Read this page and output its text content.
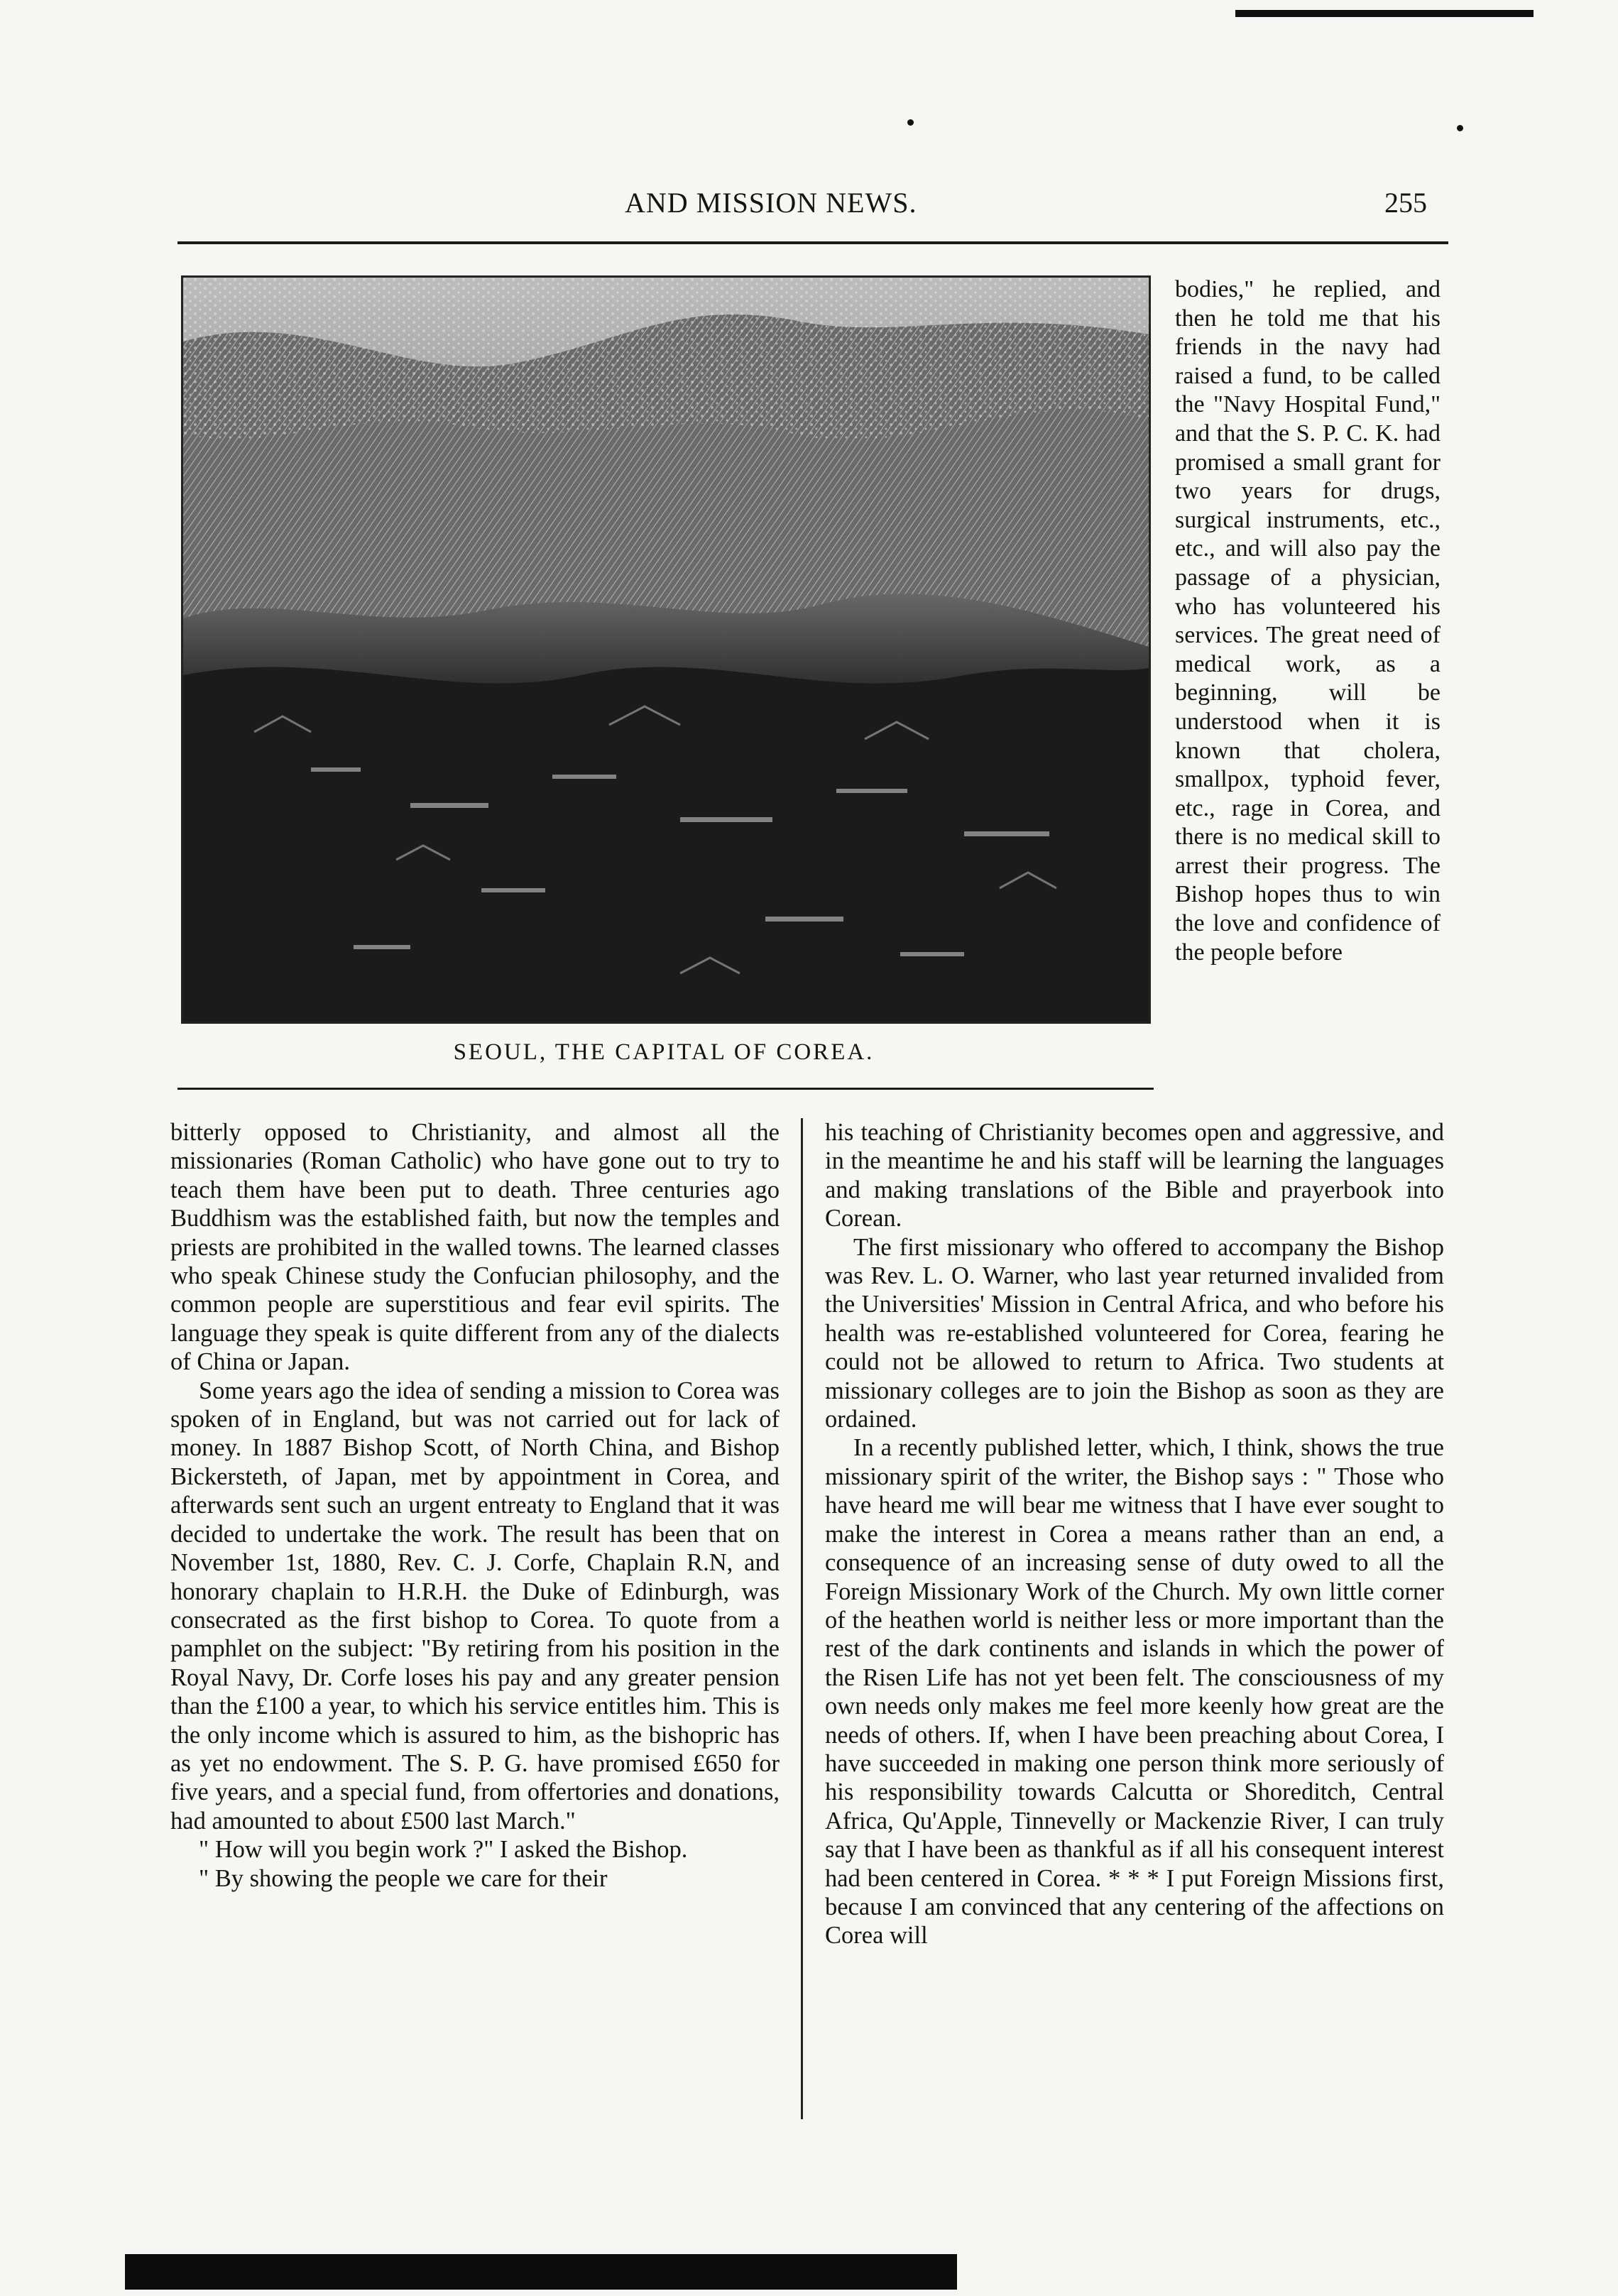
AND MISSION NEWS.	255
SEOUL, THE CAPITAL OF COREA.

bodies," he replied, and then he told me that his friends in the navy had raised a fund, to be called the "Navy Hospital Fund," and that the S. P. C. K. had promised a small grant for two years for drugs, surgical instruments, etc., etc., and will also pay the passage of a physician, who has volunteered his services. The great need of medical work, as a beginning, will be understood when it is known that cholera, smallpox, typhoid fever, etc., rage in Corea, and there is no medical skill to arrest their progress. The Bishop hopes thus to win the love and confidence of the people before

bitterly opposed to Christianity, and almost all the missionaries (Roman Catholic) who have gone out to try to teach them have been put to death. Three centuries ago Buddhism was the established faith, but now the temples and priests are prohibited in the walled towns. The learned classes who speak Chinese study the Confucian philosophy, and the common people are superstitious and fear evil spirits. The language they speak is quite different from any of the dialects of China or Japan.

Some years ago the idea of sending a mission to Corea was spoken of in England, but was not carried out for lack of money. In 1887 Bishop Scott, of North China, and Bishop Bickersteth, of Japan, met by appointment in Corea, and afterwards sent such an urgent entreaty to England that it was decided to undertake the work. The result has been that on November 1st, 1880, Rev. C. J. Corfe, Chaplain R.N, and honorary chaplain to H.R.H. the Duke of Edinburgh, was consecrated as the first bishop to Corea. To quote from a pamphlet on the subject: "By retiring from his position in the Royal Navy, Dr. Corfe loses his pay and any greater pension than the £100 a year, to which his service entitles him. This is the only income which is assured to him, as the bishopric has as yet no endowment. The S. P. G. have promised £650 for five years, and a special fund, from offertories and donations, had amounted to about £500 last March."

" How will you begin work ?" I asked the Bishop.

" By showing the people we care for their

his teaching of Christianity becomes open and aggressive, and in the meantime he and his staff will be learning the languages and making translations of the Bible and prayerbook into Corean.

The first missionary who offered to accompany the Bishop was Rev. L. O. Warner, who last year returned invalided from the Universities' Mission in Central Africa, and who before his health was re-established volunteered for Corea, fearing he could not be allowed to return to Africa. Two students at missionary colleges are to join the Bishop as soon as they are ordained.

In a recently published letter, which, I think, shows the true missionary spirit of the writer, the Bishop says : " Those who have heard me will bear me witness that I have ever sought to make the interest in Corea a means rather than an end, a consequence of an increasing sense of duty owed to all the Foreign Missionary Work of the Church. My own little corner of the heathen world is neither less or more important than the rest of the dark continents and islands in which the power of the Risen Life has not yet been felt. The consciousness of my own needs only makes me feel more keenly how great are the needs of others. If, when I have been preaching about Corea, I have succeeded in making one person think more seriously of his responsibility towards Calcutta or Shoreditch, Central Africa, Qu'Apple, Tinnevelly or Mackenzie River, I can truly say that I have been as thankful as if all his consequent interest had been centered in Corea. * * * I put Foreign Missions first, because I am convinced that any centering of the affections on Corea will
